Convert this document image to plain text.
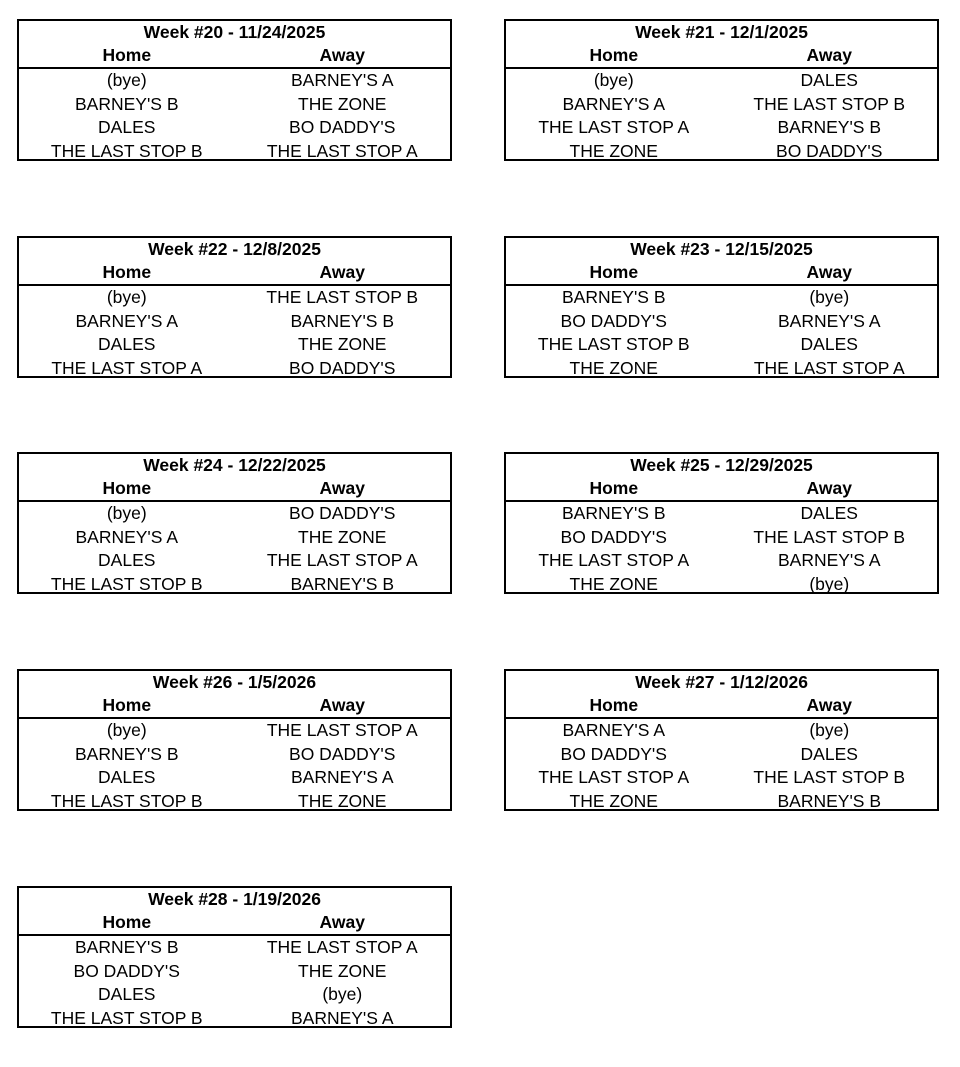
Week #20 - 11/24/2025
Home	Away
(bye)	BARNEY'S A
BARNEY'S B	THE ZONE
DALES	BO DADDY'S
THE LAST STOP B	THE LAST STOP A
Week #21 - 12/1/2025
Home	Away
(bye)	DALES
BARNEY'S A	THE LAST STOP B
THE LAST STOP A	BARNEY'S B
THE ZONE	BO DADDY'S
Week #22 - 12/8/2025
Home	Away
(bye)	THE LAST STOP B
BARNEY'S A	BARNEY'S B
DALES	THE ZONE
THE LAST STOP A	BO DADDY'S
Week #23 - 12/15/2025
Home	Away
BARNEY'S B	(bye)
BO DADDY'S	BARNEY'S A
THE LAST STOP B	DALES
THE ZONE	THE LAST STOP A
Week #24 - 12/22/2025
Home	Away
(bye)	BO DADDY'S
BARNEY'S A	THE ZONE
DALES	THE LAST STOP A
THE LAST STOP B	BARNEY'S B
Week #25 - 12/29/2025
Home	Away
BARNEY'S B	DALES
BO DADDY'S	THE LAST STOP B
THE LAST STOP A	BARNEY'S A
THE ZONE	(bye)
Week #26 - 1/5/2026
Home	Away
(bye)	THE LAST STOP A
BARNEY'S B	BO DADDY'S
DALES	BARNEY'S A
THE LAST STOP B	THE ZONE
Week #27 - 1/12/2026
Home	Away
BARNEY'S A	(bye)
BO DADDY'S	DALES
THE LAST STOP A	THE LAST STOP B
THE ZONE	BARNEY'S B
Week #28 - 1/19/2026
Home	Away
BARNEY'S B	THE LAST STOP A
BO DADDY'S	THE ZONE
DALES	(bye)
THE LAST STOP B	BARNEY'S A
